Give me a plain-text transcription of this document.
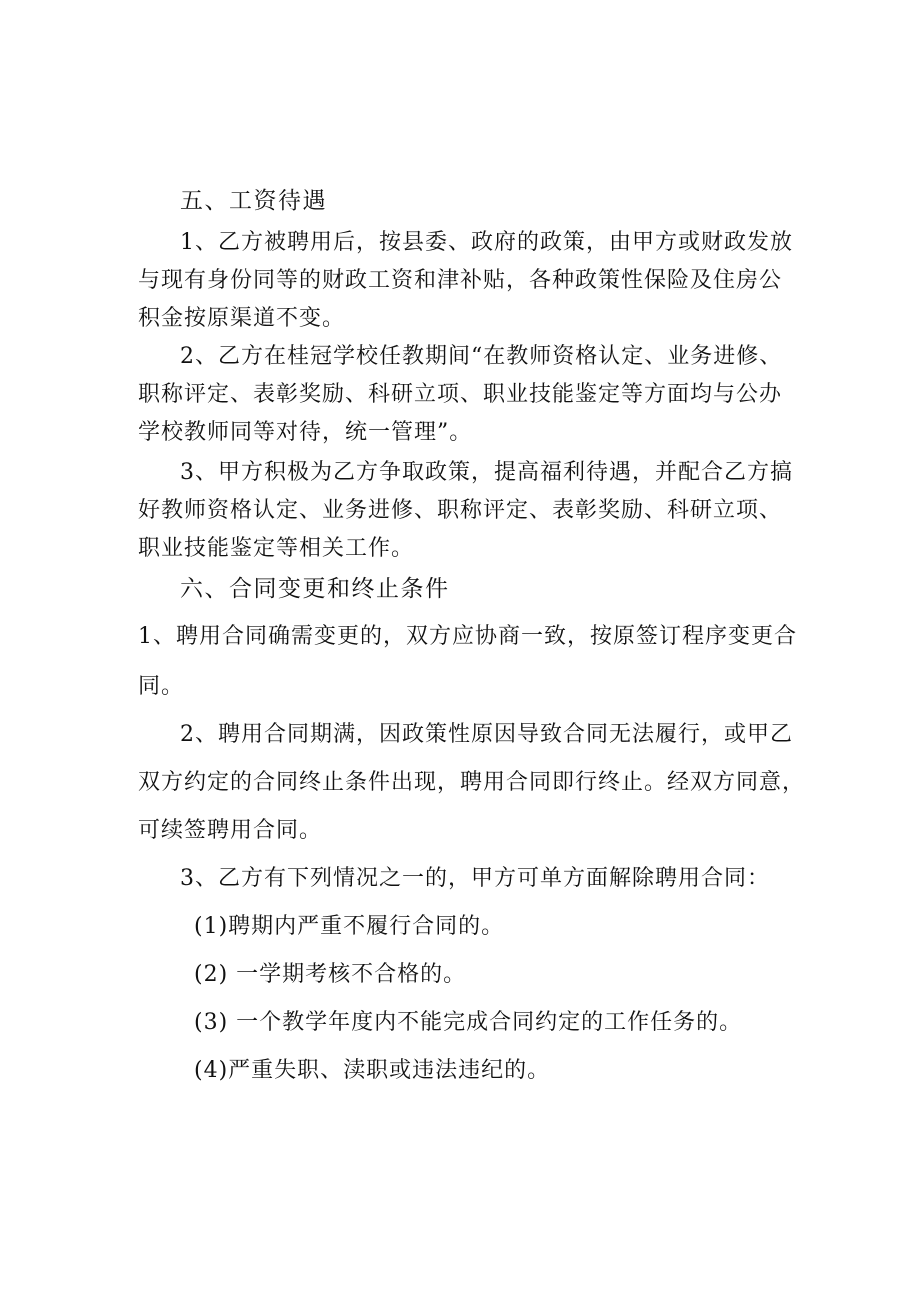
五、工资待遇
1、乙方被聘用后，按县委、政府的政策，由甲方或财政发放
与现有身份同等的财政工资和津补贴，各种政策性保险及住房公
积金按原渠道不变。
2、乙方在桂冠学校任教期间“在教师资格认定、业务进修、
职称评定、表彰奖励、科研立项、职业技能鉴定等方面均与公办
学校教师同等对待，统一管理”。
3、甲方积极为乙方争取政策，提高福利待遇，并配合乙方搞
好教师资格认定、业务进修、职称评定、表彰奖励、科研立项、
职业技能鉴定等相关工作。
六、合同变更和终止条件
1、聘用合同确需变更的，双方应协商一致，按原签订程序变更合
同。
2、聘用合同期满，因政策性原因导致合同无法履行，或甲乙
双方约定的合同终止条件出现，聘用合同即行终止。经双方同意，
可续签聘用合同。
3、乙方有下列情况之一的，甲方可单方面解除聘用合同：
(1)聘期内严重不履行合同的。
(2) 一学期考核不合格的。
(3) 一个教学年度内不能完成合同约定的工作任务的。
(4)严重失职、渎职或违法违纪的。
